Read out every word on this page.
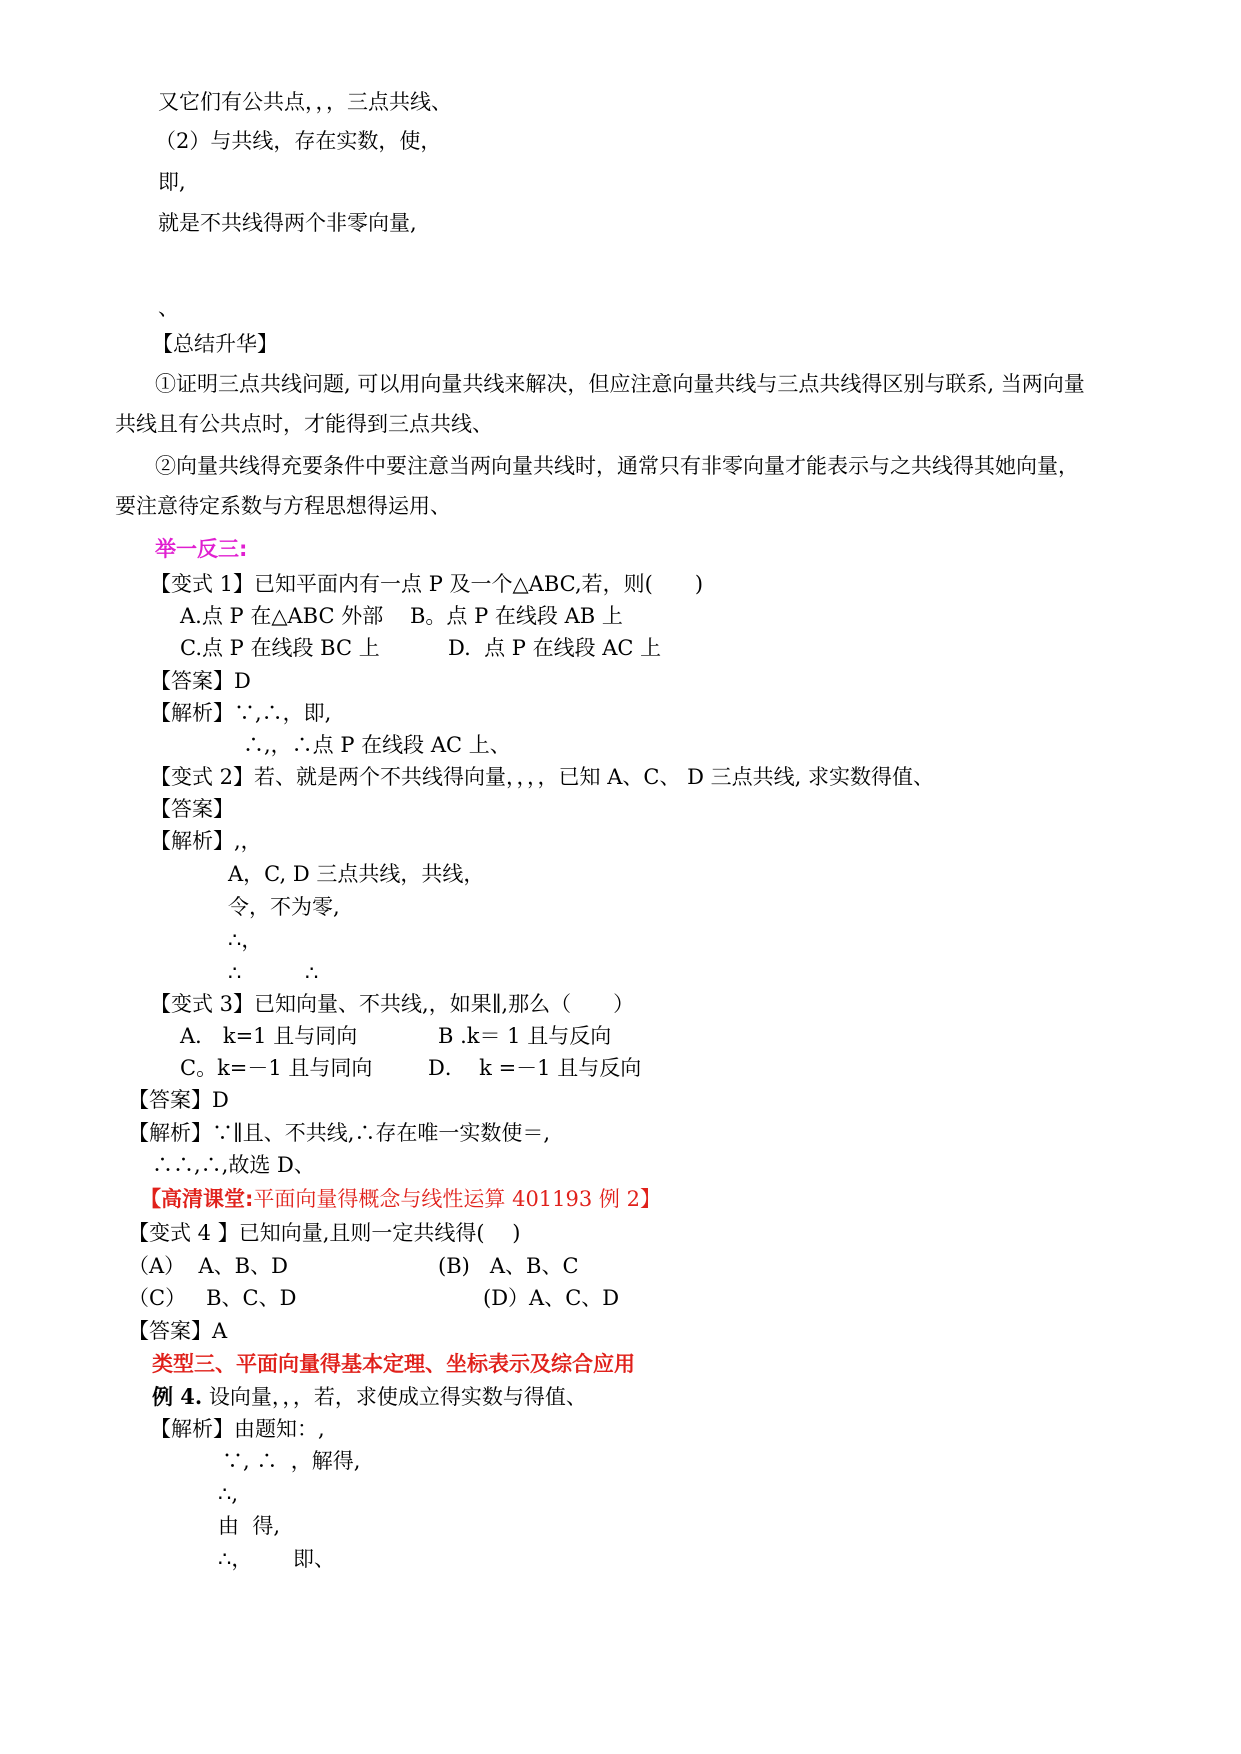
又它们有公共点，，，三点共线、
（2）与共线，存在实数，使，
即,
就是不共线得两个非零向量,
、
【总结升华】
①证明三点共线问题, 可以用向量共线来解决，但应注意向量共线与三点共线得区别与联系, 当两向量
共线且有公共点时，才能得到三点共线、
②向量共线得充要条件中要注意当两向量共线时，通常只有非零向量才能表示与之共线得其她向量，
要注意待定系数与方程思想得运用、
举一反三:
【变式 1】已知平面内有一点 P 及一个△ABC,若，则(　　)
A.点 P 在△ABC 外部 B。点 P 在线段 AB 上
C.点 P 在线段 BC 上	D.  点 P 在线段 AC 上
【答案】D
【解析】∵,∴，即,
∴,，∴点 P 在线段 AC 上、
【变式 2】若、就是两个不共线得向量，，，，已知 A、C、 D 三点共线, 求实数得值、
【答案】
【解析】,，
A，C, D 三点共线，共线，
令，不为零,
∴，
∴	∴
【变式 3】已知向量、不共线,，如果∥,那么（　　）
A． k=1 且与同向	B .k＝ 1 且与反向
C。k=－1 且与同向	D．  k =－1 且与反向
【答案】D
【解析】∵∥且、不共线,∴存在唯一实数使＝,
∴∴,∴,故选 D、
【高清课堂:平面向量得概念与线性运算 401193 例 2】
【变式 4 】已知向量,且则一定共线得(　 )
（A）  A、B、D	(B)   A、B、C
（C）   B、C、D	(D）A、C、D
【答案】A
类型三、平面向量得基本定理、坐标表示及综合应用
例 4. 设向量，，，若，求使成立得实数与得值、
【解析】由题知：,
∵, ∴  ，解得,
∴,
由  得,
∴， 即、
